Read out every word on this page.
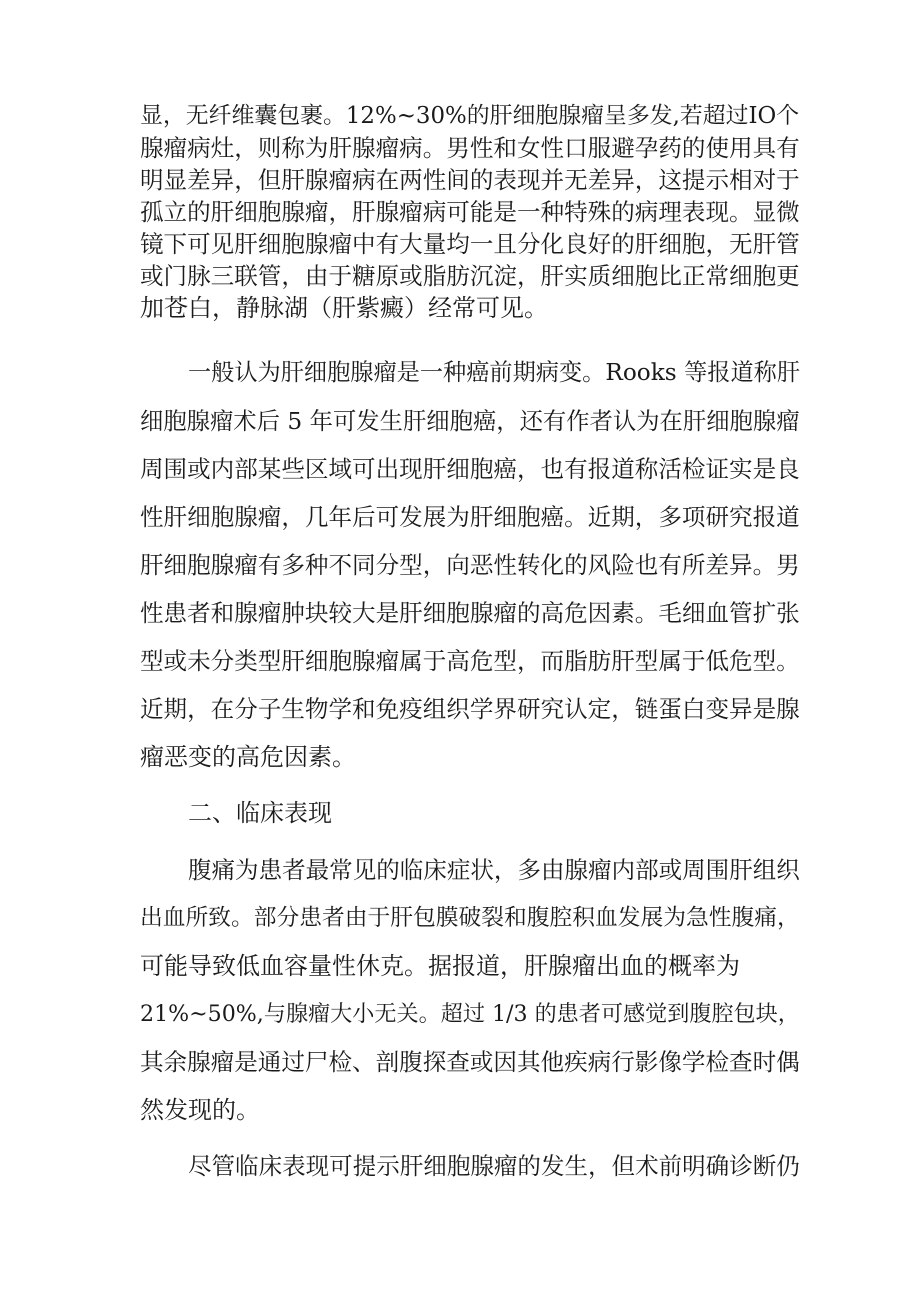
显，无纤维囊包裹。12%~30%的肝细胞腺瘤呈多发,若超过IO个

腺瘤病灶，则称为肝腺瘤病。男性和女性口服避孕药的使用具有

明显差异，但肝腺瘤病在两性间的表现并无差异，这提示相对于

孤立的肝细胞腺瘤，肝腺瘤病可能是一种特殊的病理表现。显微

镜下可见肝细胞腺瘤中有大量均一且分化良好的肝细胞，无肝管

或门脉三联管，由于糖原或脂肪沉淀，肝实质细胞比正常细胞更

加苍白，静脉湖（肝紫癜）经常可见。

一般认为肝细胞腺瘤是一种癌前期病变。Rooks 等报道称肝

细胞腺瘤术后 5 年可发生肝细胞癌，还有作者认为在肝细胞腺瘤

周围或内部某些区域可出现肝细胞癌，也有报道称活检证实是良

性肝细胞腺瘤，几年后可发展为肝细胞癌。近期，多项研究报道

肝细胞腺瘤有多种不同分型，向恶性转化的风险也有所差异。男

性患者和腺瘤肿块较大是肝细胞腺瘤的高危因素。毛细血管扩张

型或未分类型肝细胞腺瘤属于高危型，而脂肪肝型属于低危型。

近期，在分子生物学和免疫组织学界研究认定，链蛋白变异是腺

瘤恶变的高危因素。

二、临床表现

腹痛为患者最常见的临床症状，多由腺瘤内部或周围肝组织

出血所致。部分患者由于肝包膜破裂和腹腔积血发展为急性腹痛，

可能导致低血容量性休克。据报道，肝腺瘤出血的概率为

21%~50%,与腺瘤大小无关。超过 1/3 的患者可感觉到腹腔包块，

其余腺瘤是通过尸检、剖腹探查或因其他疾病行影像学检查时偶

然发现的。

尽管临床表现可提示肝细胞腺瘤的发生，但术前明确诊断仍
